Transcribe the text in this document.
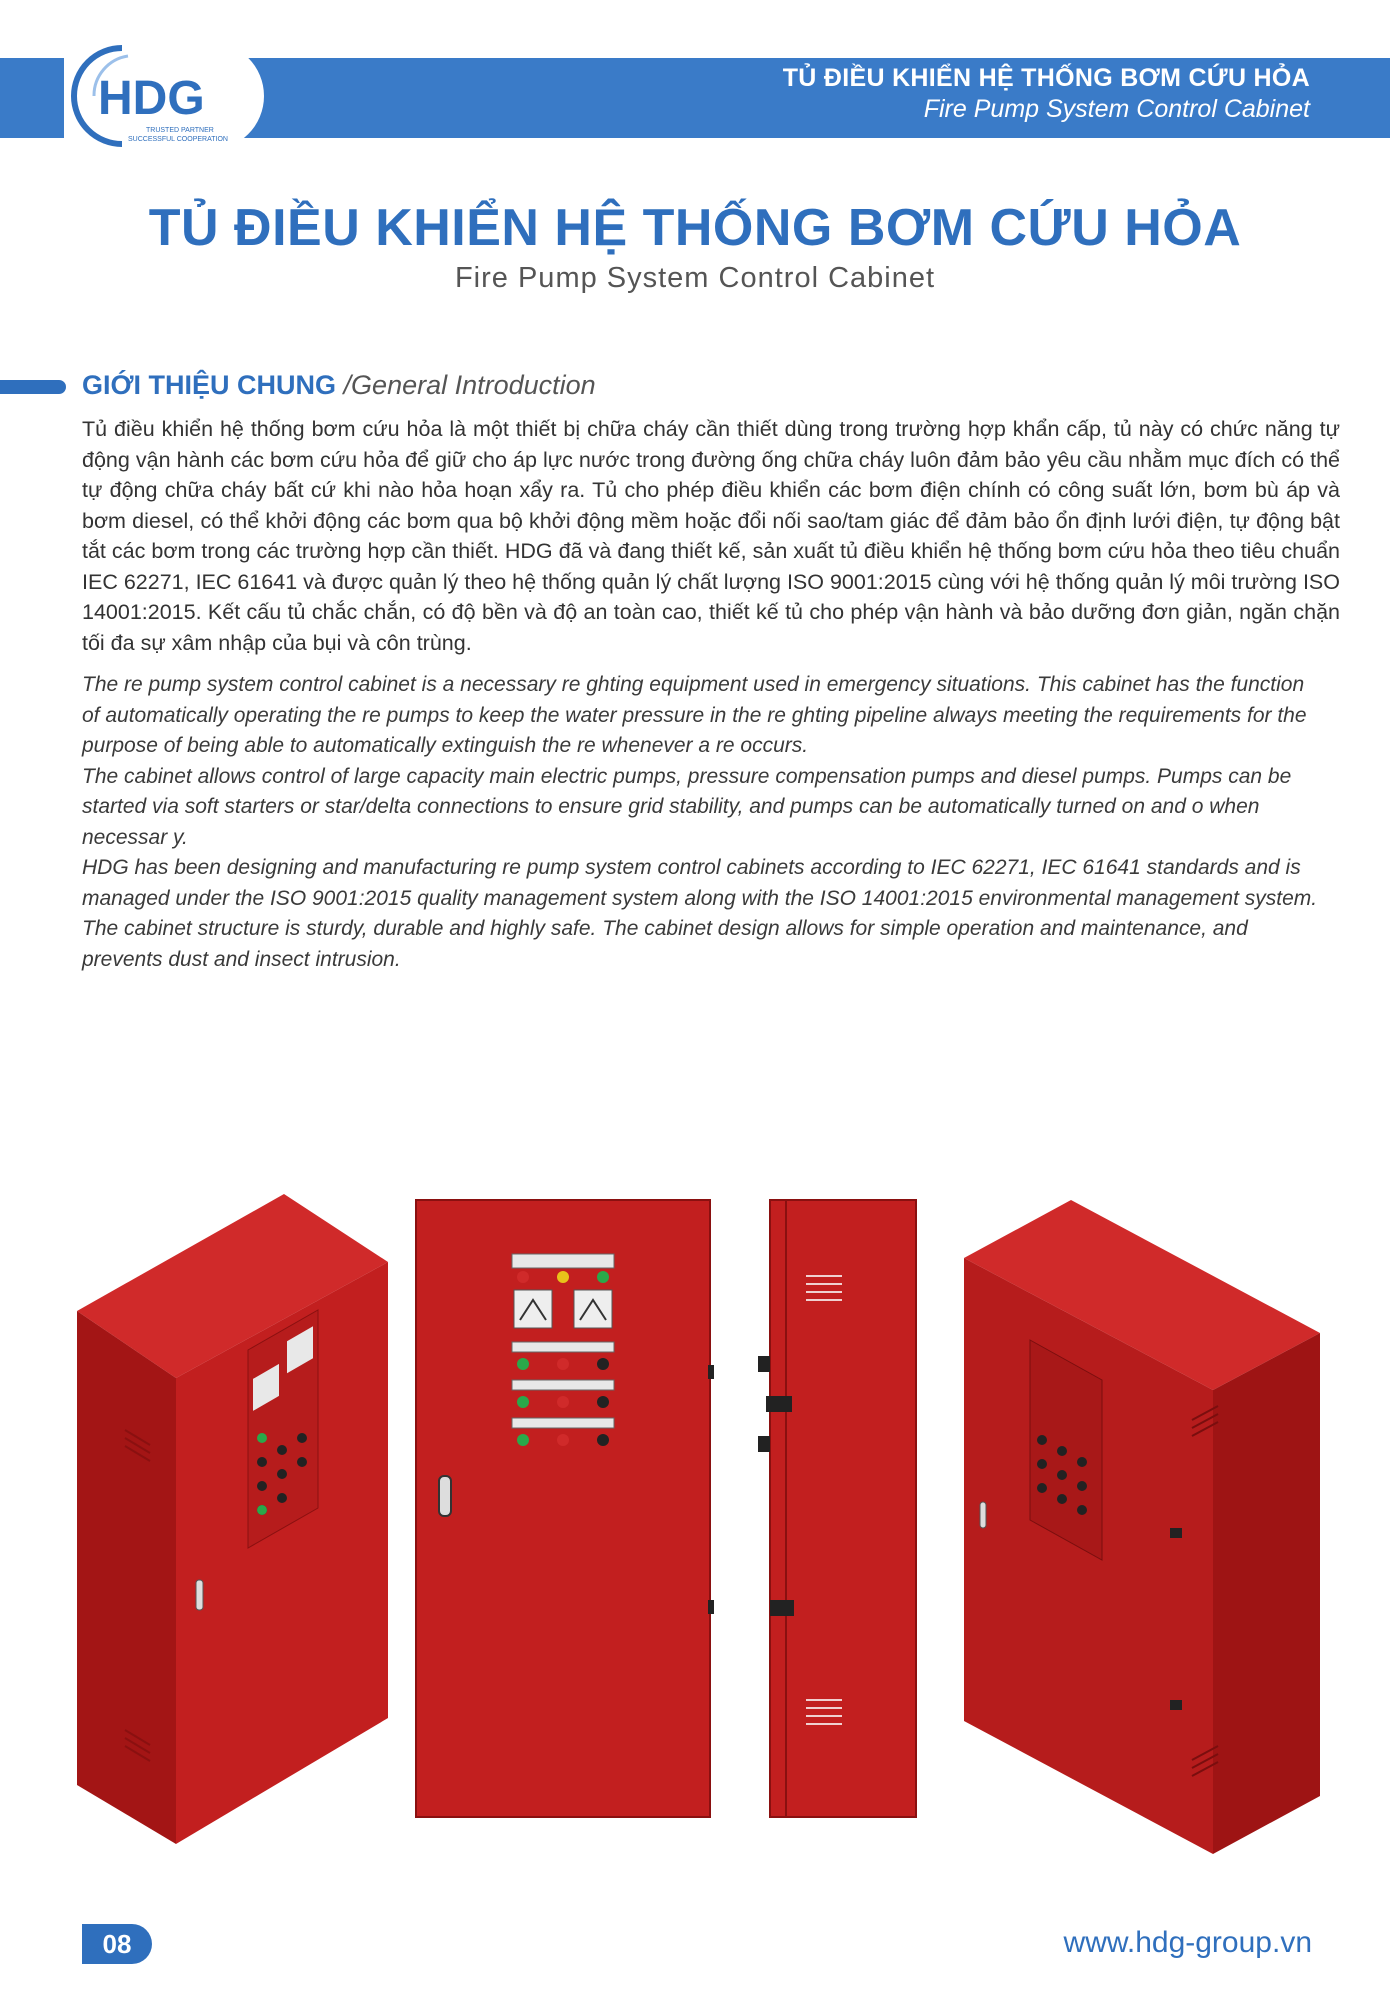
HDG
TRUSTED PARTNER
SUCCESSFUL COOPERATION
TỦ ĐIỀU KHIỂN HỆ THỐNG BƠM CỨU HỎA
Fire Pump System Control Cabinet
TỦ ĐIỀU KHIỂN HỆ THỐNG BƠM CỨU HỎA
Fire Pump System Control Cabinet
GIỚI THIỆU CHUNG /General Introduction

Tủ điều khiển hệ thống bơm cứu hỏa là một thiết bị chữa cháy cần thiết dùng trong trường hợp khẩn cấp, tủ này có chức năng tự động vận hành các bơm cứu hỏa để giữ cho áp lực nước trong đường ống chữa cháy luôn đảm bảo yêu cầu nhằm mục đích có thể tự động chữa cháy bất cứ khi nào hỏa hoạn xẩy ra. Tủ cho phép điều khiển các bơm điện chính có công suất lớn, bơm bù áp và bơm diesel, có thể khởi động các bơm qua bộ khởi động mềm hoặc đổi nối sao/tam giác để đảm bảo ổn định lưới điện, tự động bật tắt các bơm trong các trường hợp cần thiết. HDG đã và đang thiết kế, sản xuất tủ điều khiển hệ thống bơm cứu hỏa theo tiêu chuẩn IEC 62271, IEC 61641 và được quản lý theo hệ thống quản lý chất lượng ISO 9001:2015 cùng với hệ thống quản lý môi trường ISO 14001:2015. Kết cấu tủ chắc chắn, có độ bền và độ an toàn cao, thiết kế tủ cho phép vận hành và bảo dưỡng đơn giản, ngăn chặn tối đa sự xâm nhập của bụi và côn trùng.

The re pump system control cabinet is a necessary re ghting equipment used in emergency situations. This cabinet has the function of automatically operating the re pumps to keep the water pressure in the re ghting pipeline always meeting the requirements for the purpose of being able to automatically extinguish the re whenever a re occurs.

The cabinet allows control of large capacity main electric pumps, pressure compensation pumps and diesel pumps. Pumps can be started via soft starters or star/delta connections to ensure grid stability, and pumps can be automatically turned on and o when necessar y.

HDG has been designing and manufacturing re pump system control cabinets according to IEC 62271, IEC 61641 standards and is managed under the ISO 9001:2015 quality management system along with the ISO 14001:2015 environmental management system.

The cabinet structure is sturdy, durable and highly safe. The cabinet design allows for simple operation and maintenance, and prevents dust and insect intrusion.

08	www.hdg-group.vn
